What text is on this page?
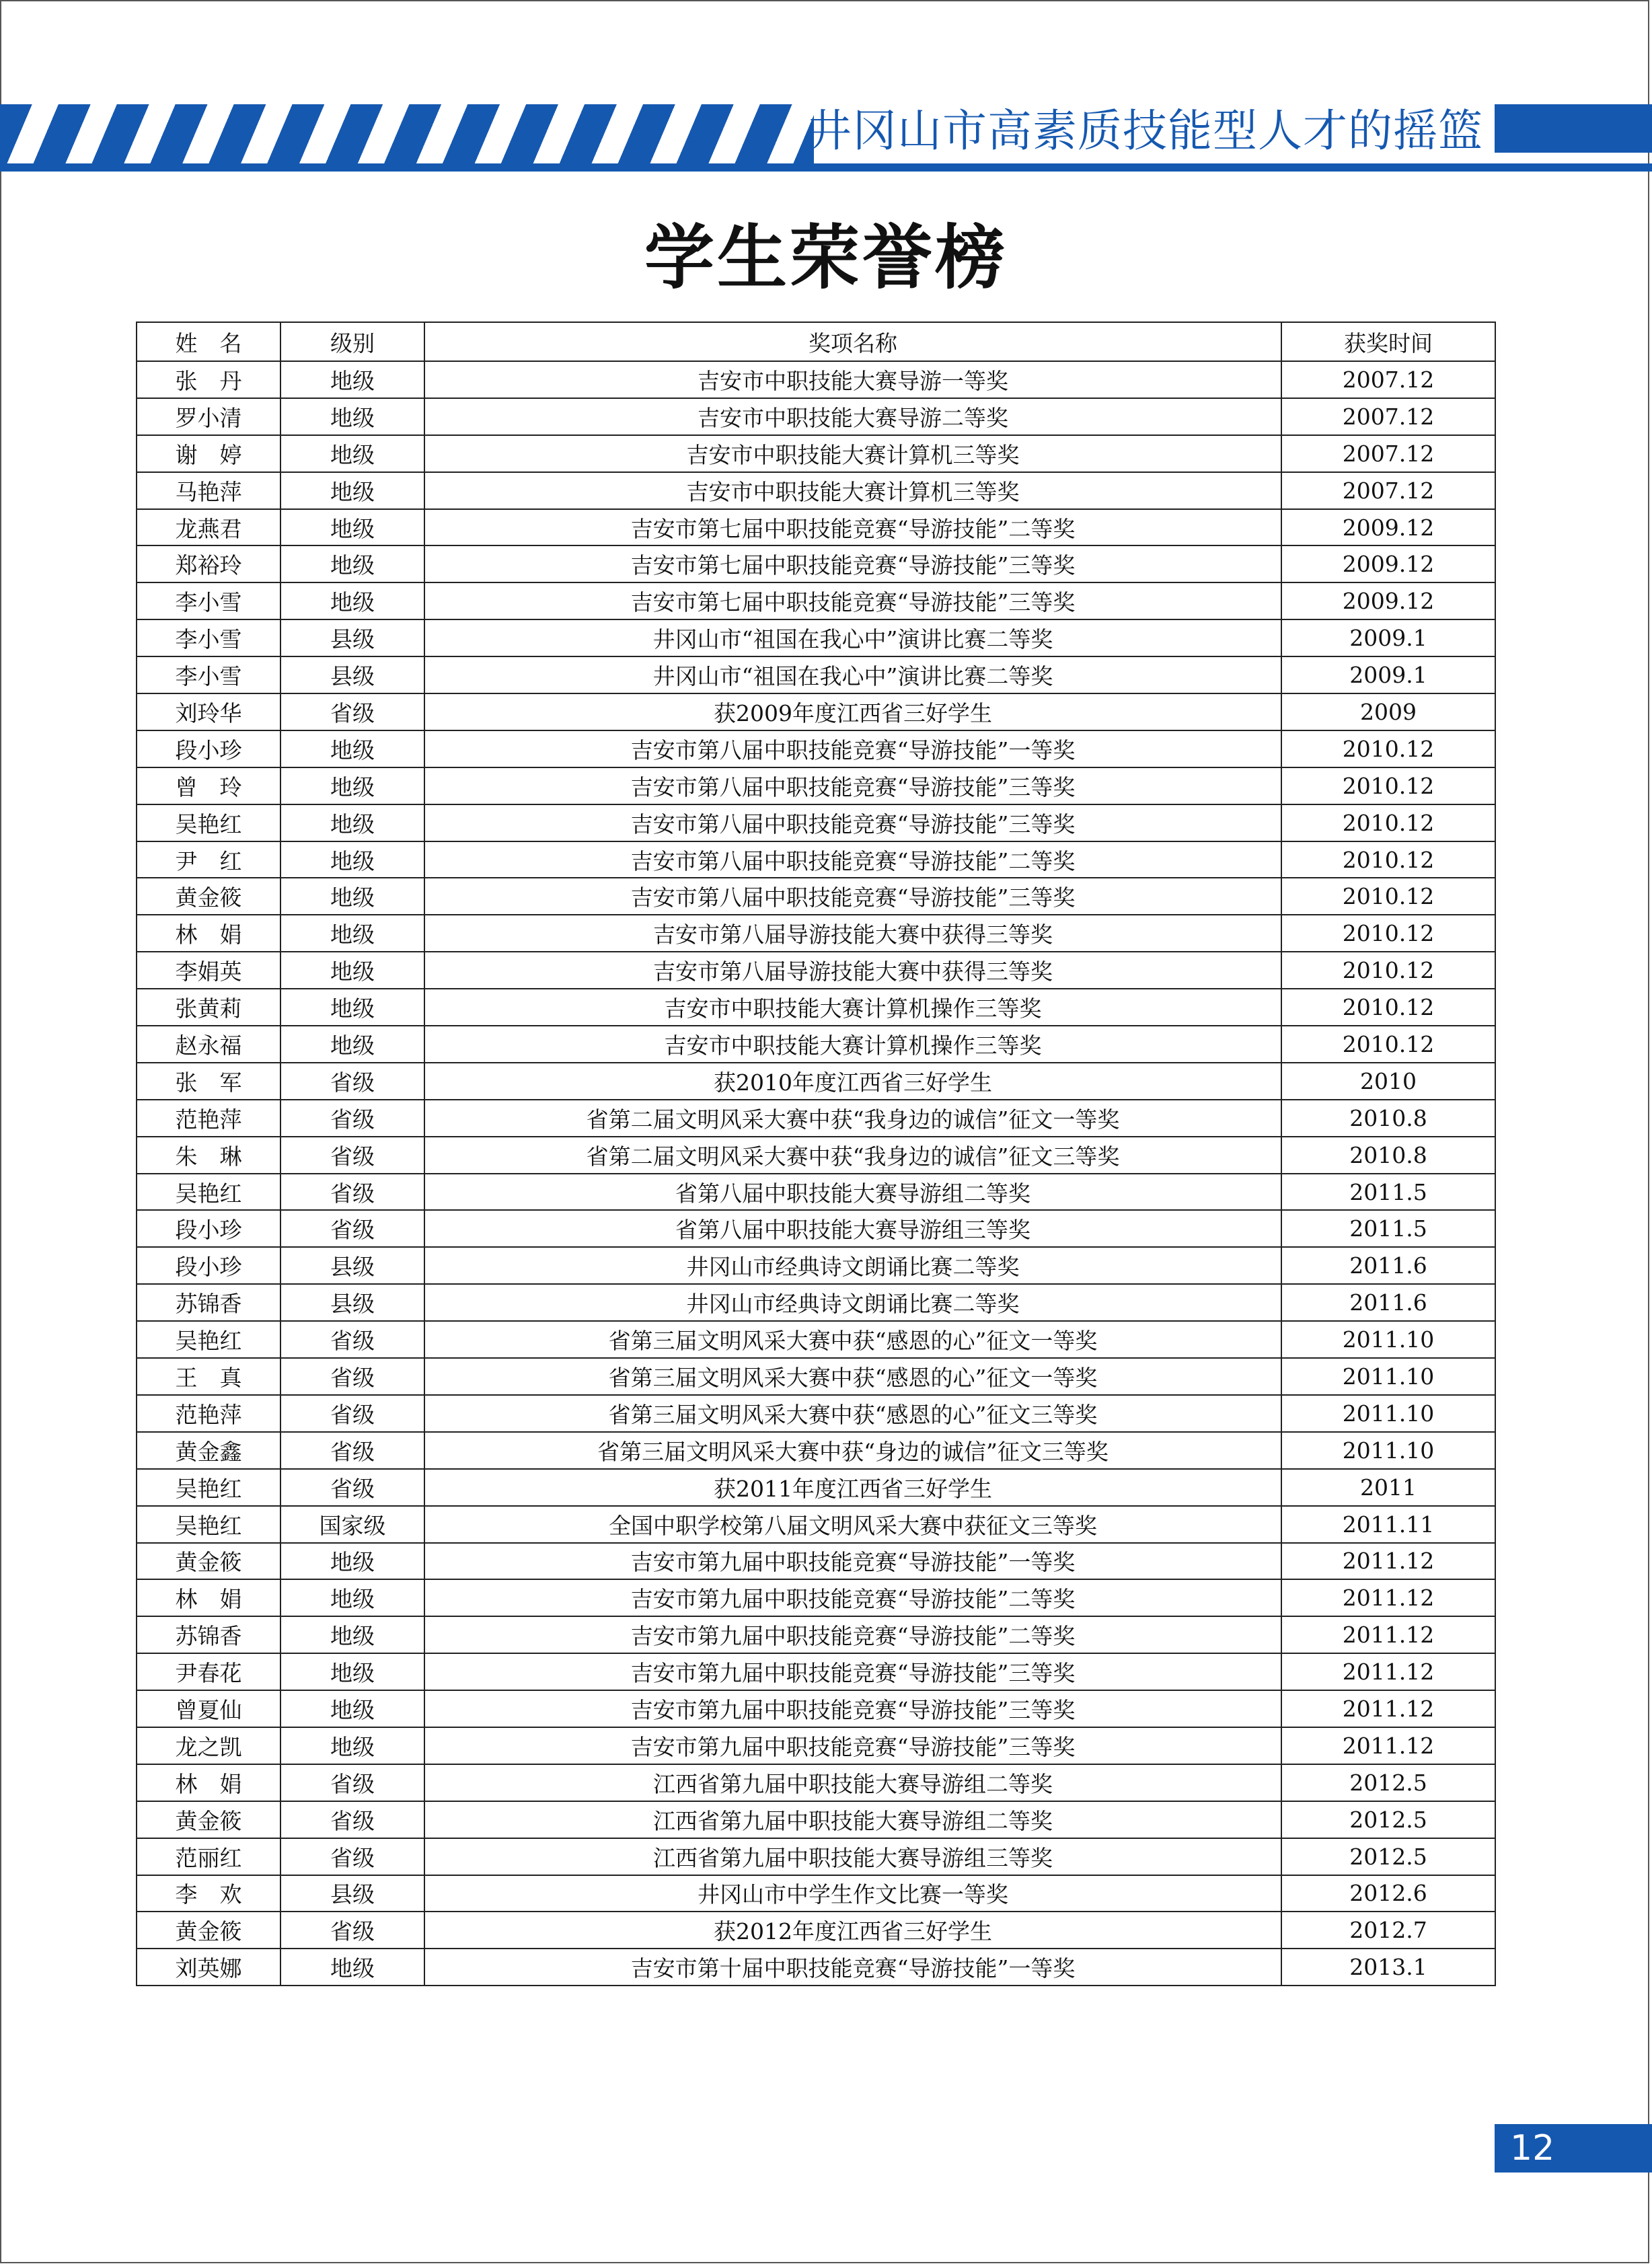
井冈山市高素质技能型人才的摇篮
学生荣誉榜
姓　名	级别	奖项名称	获奖时间
张　丹	地级	吉安市中职技能大赛导游一等奖	2007.12
罗小清	地级	吉安市中职技能大赛导游二等奖	2007.12
谢　婷	地级	吉安市中职技能大赛计算机三等奖	2007.12
马艳萍	地级	吉安市中职技能大赛计算机三等奖	2007.12
龙燕君	地级	吉安市第七届中职技能竞赛“导游技能”二等奖	2009.12
郑裕玲	地级	吉安市第七届中职技能竞赛“导游技能”三等奖	2009.12
李小雪	地级	吉安市第七届中职技能竞赛“导游技能”三等奖	2009.12
李小雪	县级	井冈山市“祖国在我心中”演讲比赛二等奖	2009.1
李小雪	县级	井冈山市“祖国在我心中”演讲比赛二等奖	2009.1
刘玲华	省级	获2009年度江西省三好学生	2009
段小珍	地级	吉安市第八届中职技能竞赛“导游技能”一等奖	2010.12
曾　玲	地级	吉安市第八届中职技能竞赛“导游技能”三等奖	2010.12
吴艳红	地级	吉安市第八届中职技能竞赛“导游技能”三等奖	2010.12
尹　红	地级	吉安市第八届中职技能竞赛“导游技能”二等奖	2010.12
黄金筱	地级	吉安市第八届中职技能竞赛“导游技能”三等奖	2010.12
林　娟	地级	吉安市第八届导游技能大赛中获得三等奖	2010.12
李娟英	地级	吉安市第八届导游技能大赛中获得三等奖	2010.12
张黄莉	地级	吉安市中职技能大赛计算机操作三等奖	2010.12
赵永福	地级	吉安市中职技能大赛计算机操作三等奖	2010.12
张　军	省级	获2010年度江西省三好学生	2010
范艳萍	省级	省第二届文明风采大赛中获“我身边的诚信”征文一等奖	2010.8
朱　琳	省级	省第二届文明风采大赛中获“我身边的诚信”征文三等奖	2010.8
吴艳红	省级	省第八届中职技能大赛导游组二等奖	2011.5
段小珍	省级	省第八届中职技能大赛导游组三等奖	2011.5
段小珍	县级	井冈山市经典诗文朗诵比赛二等奖	2011.6
苏锦香	县级	井冈山市经典诗文朗诵比赛二等奖	2011.6
吴艳红	省级	省第三届文明风采大赛中获“感恩的心”征文一等奖	2011.10
王　真	省级	省第三届文明风采大赛中获“感恩的心”征文一等奖	2011.10
范艳萍	省级	省第三届文明风采大赛中获“感恩的心”征文三等奖	2011.10
黄金鑫	省级	省第三届文明风采大赛中获“身边的诚信”征文三等奖	2011.10
吴艳红	省级	获2011年度江西省三好学生	2011
吴艳红	国家级	全国中职学校第八届文明风采大赛中获征文三等奖	2011.11
黄金筱	地级	吉安市第九届中职技能竞赛“导游技能”一等奖	2011.12
林　娟	地级	吉安市第九届中职技能竞赛“导游技能”二等奖	2011.12
苏锦香	地级	吉安市第九届中职技能竞赛“导游技能”二等奖	2011.12
尹春花	地级	吉安市第九届中职技能竞赛“导游技能”三等奖	2011.12
曾夏仙	地级	吉安市第九届中职技能竞赛“导游技能”三等奖	2011.12
龙之凯	地级	吉安市第九届中职技能竞赛“导游技能”三等奖	2011.12
林　娟	省级	江西省第九届中职技能大赛导游组二等奖	2012.5
黄金筱	省级	江西省第九届中职技能大赛导游组二等奖	2012.5
范丽红	省级	江西省第九届中职技能大赛导游组三等奖	2012.5
李　欢	县级	井冈山市中学生作文比赛一等奖	2012.6
黄金筱	省级	获2012年度江西省三好学生	2012.7
刘英娜	地级	吉安市第十届中职技能竞赛“导游技能”一等奖	2013.1
12
